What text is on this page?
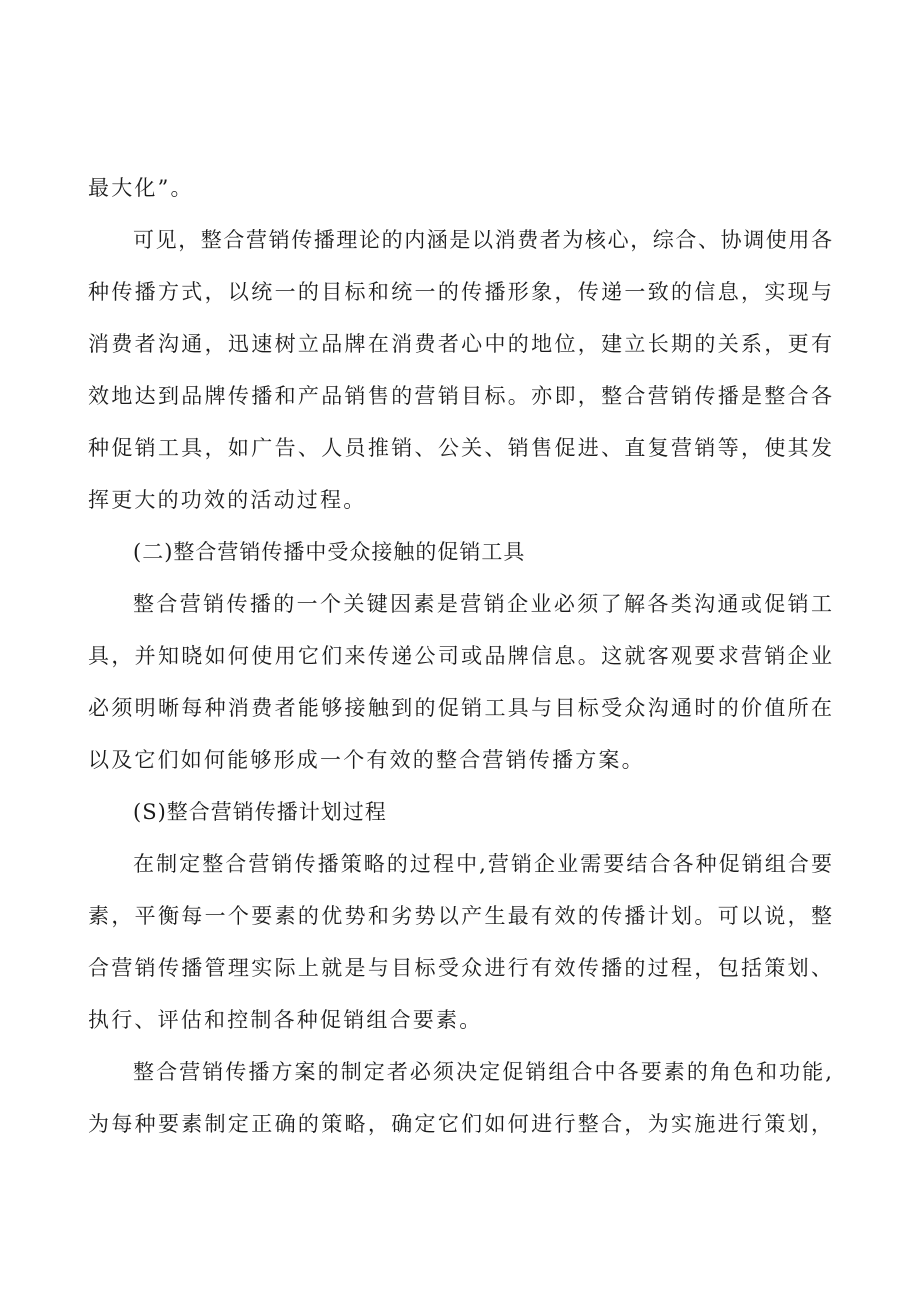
最大化”。
可见，整合营销传播理论的内涵是以消费者为核心，综合、协调使用各
种传播方式，以统一的目标和统一的传播形象，传递一致的信息，实现与
消费者沟通，迅速树立品牌在消费者心中的地位，建立长期的关系，更有
效地达到品牌传播和产品销售的营销目标。亦即，整合营销传播是整合各
种促销工具，如广告、人员推销、公关、销售促进、直复营销等，使其发
挥更大的功效的活动过程。
(二)整合营销传播中受众接触的促销工具
整合营销传播的一个关键因素是营销企业必须了解各类沟通或促销工
具，并知晓如何使用它们来传递公司或品牌信息。这就客观要求营销企业
必须明晰每种消费者能够接触到的促销工具与目标受众沟通时的价值所在
以及它们如何能够形成一个有效的整合营销传播方案。
(S)整合营销传播计划过程
在制定整合营销传播策略的过程中,营销企业需要结合各种促销组合要
素，平衡每一个要素的优势和劣势以产生最有效的传播计划。可以说，整
合营销传播管理实际上就是与目标受众进行有效传播的过程，包括策划、
执行、评估和控制各种促销组合要素。
整合营销传播方案的制定者必须决定促销组合中各要素的角色和功能,
为每种要素制定正确的策略，确定它们如何进行整合，为实施进行策划，
